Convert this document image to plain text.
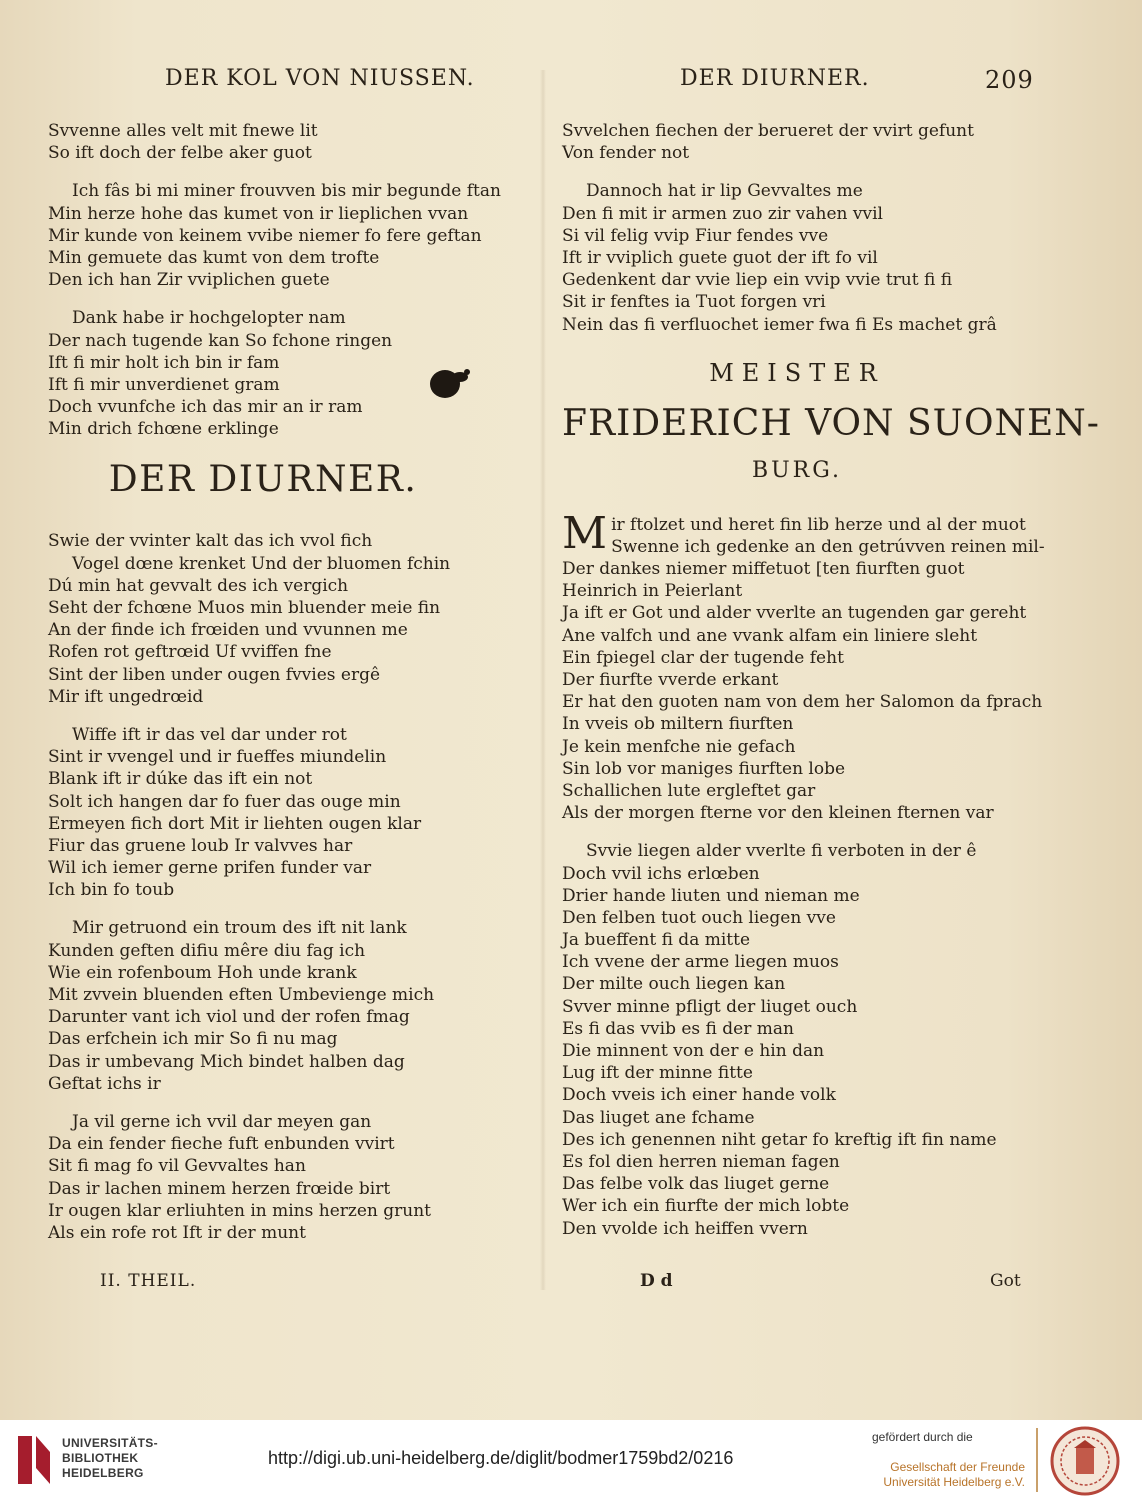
DER KOL VON NIUSSEN.	DER DIURNER.	209
Svvenne alles velt mit fnewe lit
So ift doch der felbe aker guot
Ich fâs bi mi miner frouvven bis mir begunde ftan
Min herze hohe das kumet von ir lieplichen vvan
Mir kunde von keinem vvibe niemer fo fere geftan
Min gemuete das kumt von dem trofte
Den ich han Zir vviplichen guete
Dank habe ir hochgelopter nam
Der nach tugende kan So fchone ringen
Ift fi mir holt ich bin ir fam
Ift fi mir unverdienet gram
Doch vvunfche ich das mir an ir ram
Min drich fchœne erklinge
DER DIURNER.
Swie der vvinter kalt das ich vvol fich
Vogel dœne krenket Und der bluomen fchin
Dú min hat gevvalt des ich vergich
Seht der fchœne Muos min bluender meie fin
An der finde ich frœiden und vvunnen me
Rofen rot geftrœid Uf vviffen fne
Sint der liben under ougen fvvies ergê
Mir ift ungedrœid
Wiffe ift ir das vel dar under rot
Sint ir vvengel und ir fueffes miundelin
Blank ift ir dúke das ift ein not
Solt ich hangen dar fo fuer das ouge min
Ermeyen fich dort Mit ir liehten ougen klar
Fiur das gruene loub Ir valvves har
Wil ich iemer gerne prifen funder var
Ich bin fo toub
Mir getruond ein troum des ift nit lank
Kunden geften difiu mêre diu fag ich
Wie ein rofenboum Hoh unde krank
Mit zvvein bluenden eften Umbeviengе mich
Darunter vant ich viol und der rofen fmag
Das erfchein ich mir So fi nu mag
Das ir umbevang Mich bindet halben dag
Geftat ichs ir
Ja vil gerne ich vvil dar meyen gan
Da ein fender fieche fuft enbunden vvirt
Sit fi mag fo vil Gevvaltes han
Das ir lachen minem herzen frœide birt
Ir ougen klar erliuhten in mins herzen grunt
Als ein rofe rot Ift ir der munt
Svvelchen fiechen der berueret der vvirt gefunt
Von fender not
Dannoch hat ir lip Gevvaltes me
Den fi mit ir armen zuo zir vahen vvil
Si vil felig vvip Fiur fendes vve
Ift ir vviplich guete guot der ift fo vil
Gedenkent dar vvie liep ein vvip vvie trut fi fi
Sit ir fenftes ia Tuot forgen vri
Nein das fi verfluochet iemer fwa fi Es machet grâ
MEISTER
FRIDERICH VON SUONEN-
BURG.
Mir ftolzet und heret fin lib herze und al der muot
Swenne ich gedenke an den getrúvven reinen mil-
Der dankes niemer miffetuot [ten fiurften guot
Heinrich in Peierlant
Ja ift er Got und alder vverlte an tugenden gar gereht
Ane valfch und ane vvank alfam ein liniere sleht
Ein fpiegel clar der tugende feht
Der fiurfte vverde erkant
Er hat den guoten nam von dem her Salomon da fprach
In vveis ob miltern fiurften
Je kein menfche nie gefach
Sin lob vor maniges fiurften lobe
Schallichen lute ergleftet gar
Als der morgen fterne vor den kleinen fternen var
Svvie liegen alder vverlte fi verboten in der ê
Doch vvil ichs erlœben
Drier hande liuten und nieman me
Den felben tuot ouch liegen vve
Ja bueffent fi da mitte
Ich vvene der arme liegen muos
Der milte ouch liegen kan
Svver minne pfligt der liuget ouch
Es fi das vvib es fi der man
Die minnent von der e hin dan
Lug ift der minne fitte
Doch vveis ich einer hande volk
Das liuget ane fchame
Des ich genennen niht getar fo kreftig ift fin name
Es fol dien herren nieman fagen
Das felbe volk das liuget gerne
Wer ich ein fiurfte der mich lobte
Den vvolde ich heiffen vvern
II. THEIL.	D d	Got
UNIVERSITÄTS-
BIBLIOTHEK
HEIDELBERG
http://digi.ub.uni-heidelberg.de/diglit/bodmer1759bd2/0216
gefördert durch die
Gesellschaft der Freunde
Universität Heidelberg e.V.
